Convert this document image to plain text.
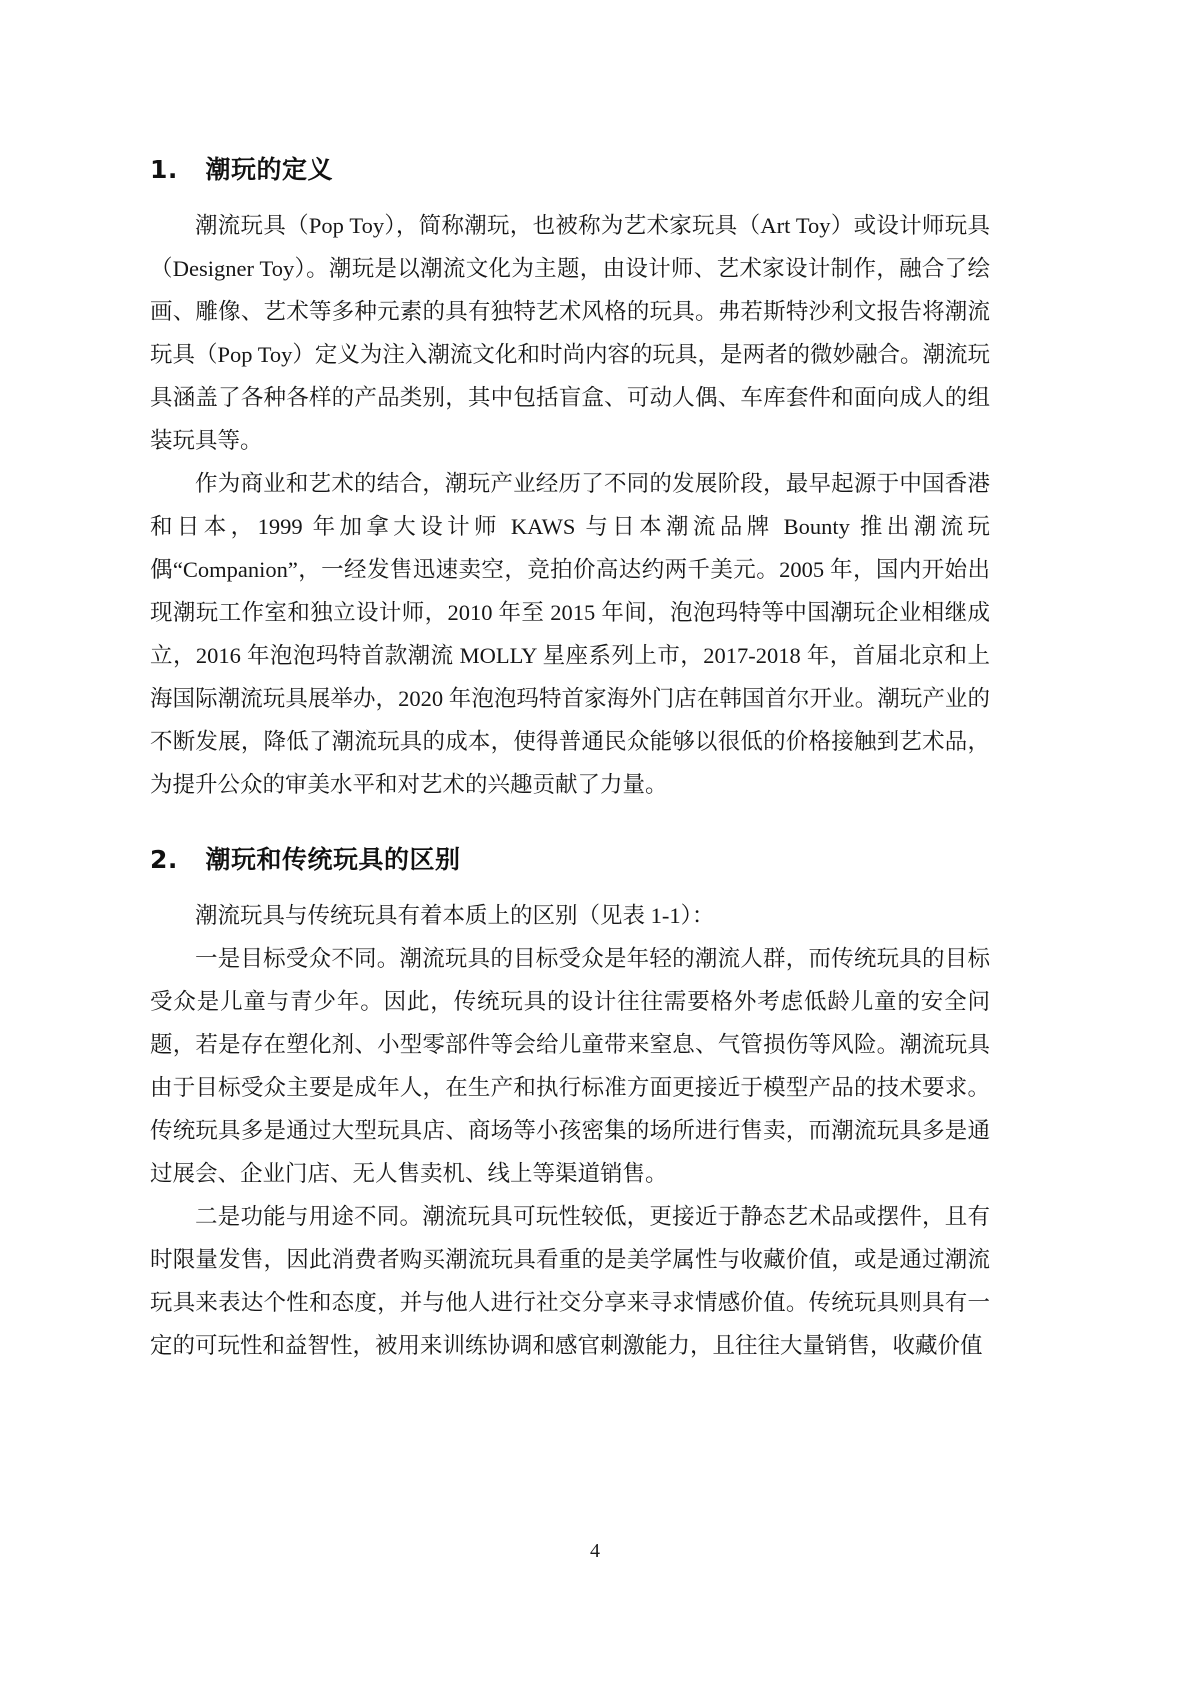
1. 潮玩的定义

潮流玩具（Pop Toy），简称潮玩，也被称为艺术家玩具（Art Toy）或设计师玩具（Designer Toy）。潮玩是以潮流文化为主题，由设计师、艺术家设计制作，融合了绘画、雕像、艺术等多种元素的具有独特艺术风格的玩具。弗若斯特沙利文报告将潮流玩具（Pop Toy）定义为注入潮流文化和时尚内容的玩具，是两者的微妙融合。潮流玩具涵盖了各种各样的产品类别，其中包括盲盒、可动人偶、车库套件和面向成人的组装玩具等。

作为商业和艺术的结合，潮玩产业经历了不同的发展阶段，最早起源于中国香港和日本，1999 年加拿大设计师 KAWS 与日本潮流品牌 Bounty 推出潮流玩偶“Companion”，一经发售迅速卖空，竞拍价高达约两千美元。2005 年，国内开始出现潮玩工作室和独立设计师，2010 年至 2015 年间，泡泡玛特等中国潮玩企业相继成立，2016 年泡泡玛特首款潮流 MOLLY 星座系列上市，2017-2018 年，首届北京和上海国际潮流玩具展举办，2020 年泡泡玛特首家海外门店在韩国首尔开业。潮玩产业的不断发展，降低了潮流玩具的成本，使得普通民众能够以很低的价格接触到艺术品，为提升公众的审美水平和对艺术的兴趣贡献了力量。

2. 潮玩和传统玩具的区别

潮流玩具与传统玩具有着本质上的区别（见表 1-1）：

一是目标受众不同。潮流玩具的目标受众是年轻的潮流人群，而传统玩具的目标受众是儿童与青少年。因此，传统玩具的设计往往需要格外考虑低龄儿童的安全问题，若是存在塑化剂、小型零部件等会给儿童带来窒息、气管损伤等风险。潮流玩具由于目标受众主要是成年人，在生产和执行标准方面更接近于模型产品的技术要求。传统玩具多是通过大型玩具店、商场等小孩密集的场所进行售卖，而潮流玩具多是通过展会、企业门店、无人售卖机、线上等渠道销售。

二是功能与用途不同。潮流玩具可玩性较低，更接近于静态艺术品或摆件，且有时限量发售，因此消费者购买潮流玩具看重的是美学属性与收藏价值，或是通过潮流玩具来表达个性和态度，并与他人进行社交分享来寻求情感价值。传统玩具则具有一定的可玩性和益智性，被用来训练协调和感官刺激能力，且往往大量销售，收藏价值

4
